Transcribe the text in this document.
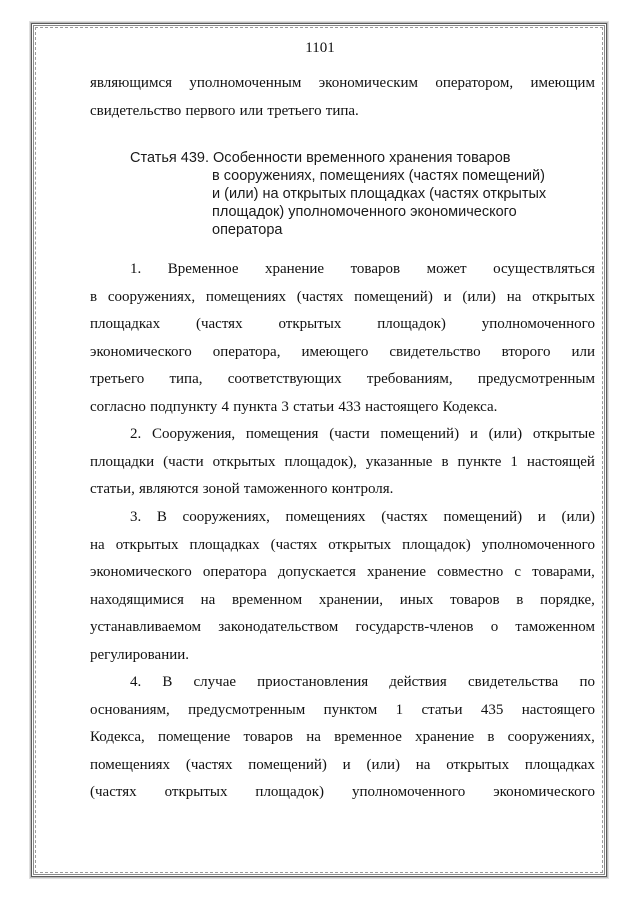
1101
являющимся уполномоченным экономическим оператором, имеющим
свидетельство первого или третьего типа.
Статья 439. Особенности временного хранения товаров
в сооружениях, помещениях (частях помещений)
и (или) на открытых площадках (частях открытых
площадок) уполномоченного экономического
оператора
1. Временное хранение товаров может осуществляться
в сооружениях, помещениях (частях помещений) и (или) на открытых
площадках (частях открытых площадок) уполномоченного
экономического оператора, имеющего свидетельство второго или
третьего типа, соответствующих требованиям, предусмотренным
согласно подпункту 4 пункта 3 статьи 433 настоящего Кодекса.
2. Сооружения, помещения (части помещений) и (или) открытые
площадки (части открытых площадок), указанные в пункте 1 настоящей
статьи, являются зоной таможенного контроля.
3. В сооружениях, помещениях (частях помещений) и (или)
на открытых площадках (частях открытых площадок) уполномоченного
экономического оператора допускается хранение совместно с товарами,
находящимися на временном хранении, иных товаров в порядке,
устанавливаемом законодательством государств-членов о таможенном
регулировании.
4. В случае приостановления действия свидетельства по
основаниям, предусмотренным пунктом 1 статьи 435 настоящего
Кодекса, помещение товаров на временное хранение в сооружениях,
помещениях (частях помещений) и (или) на открытых площадках
(частях открытых площадок) уполномоченного экономического
